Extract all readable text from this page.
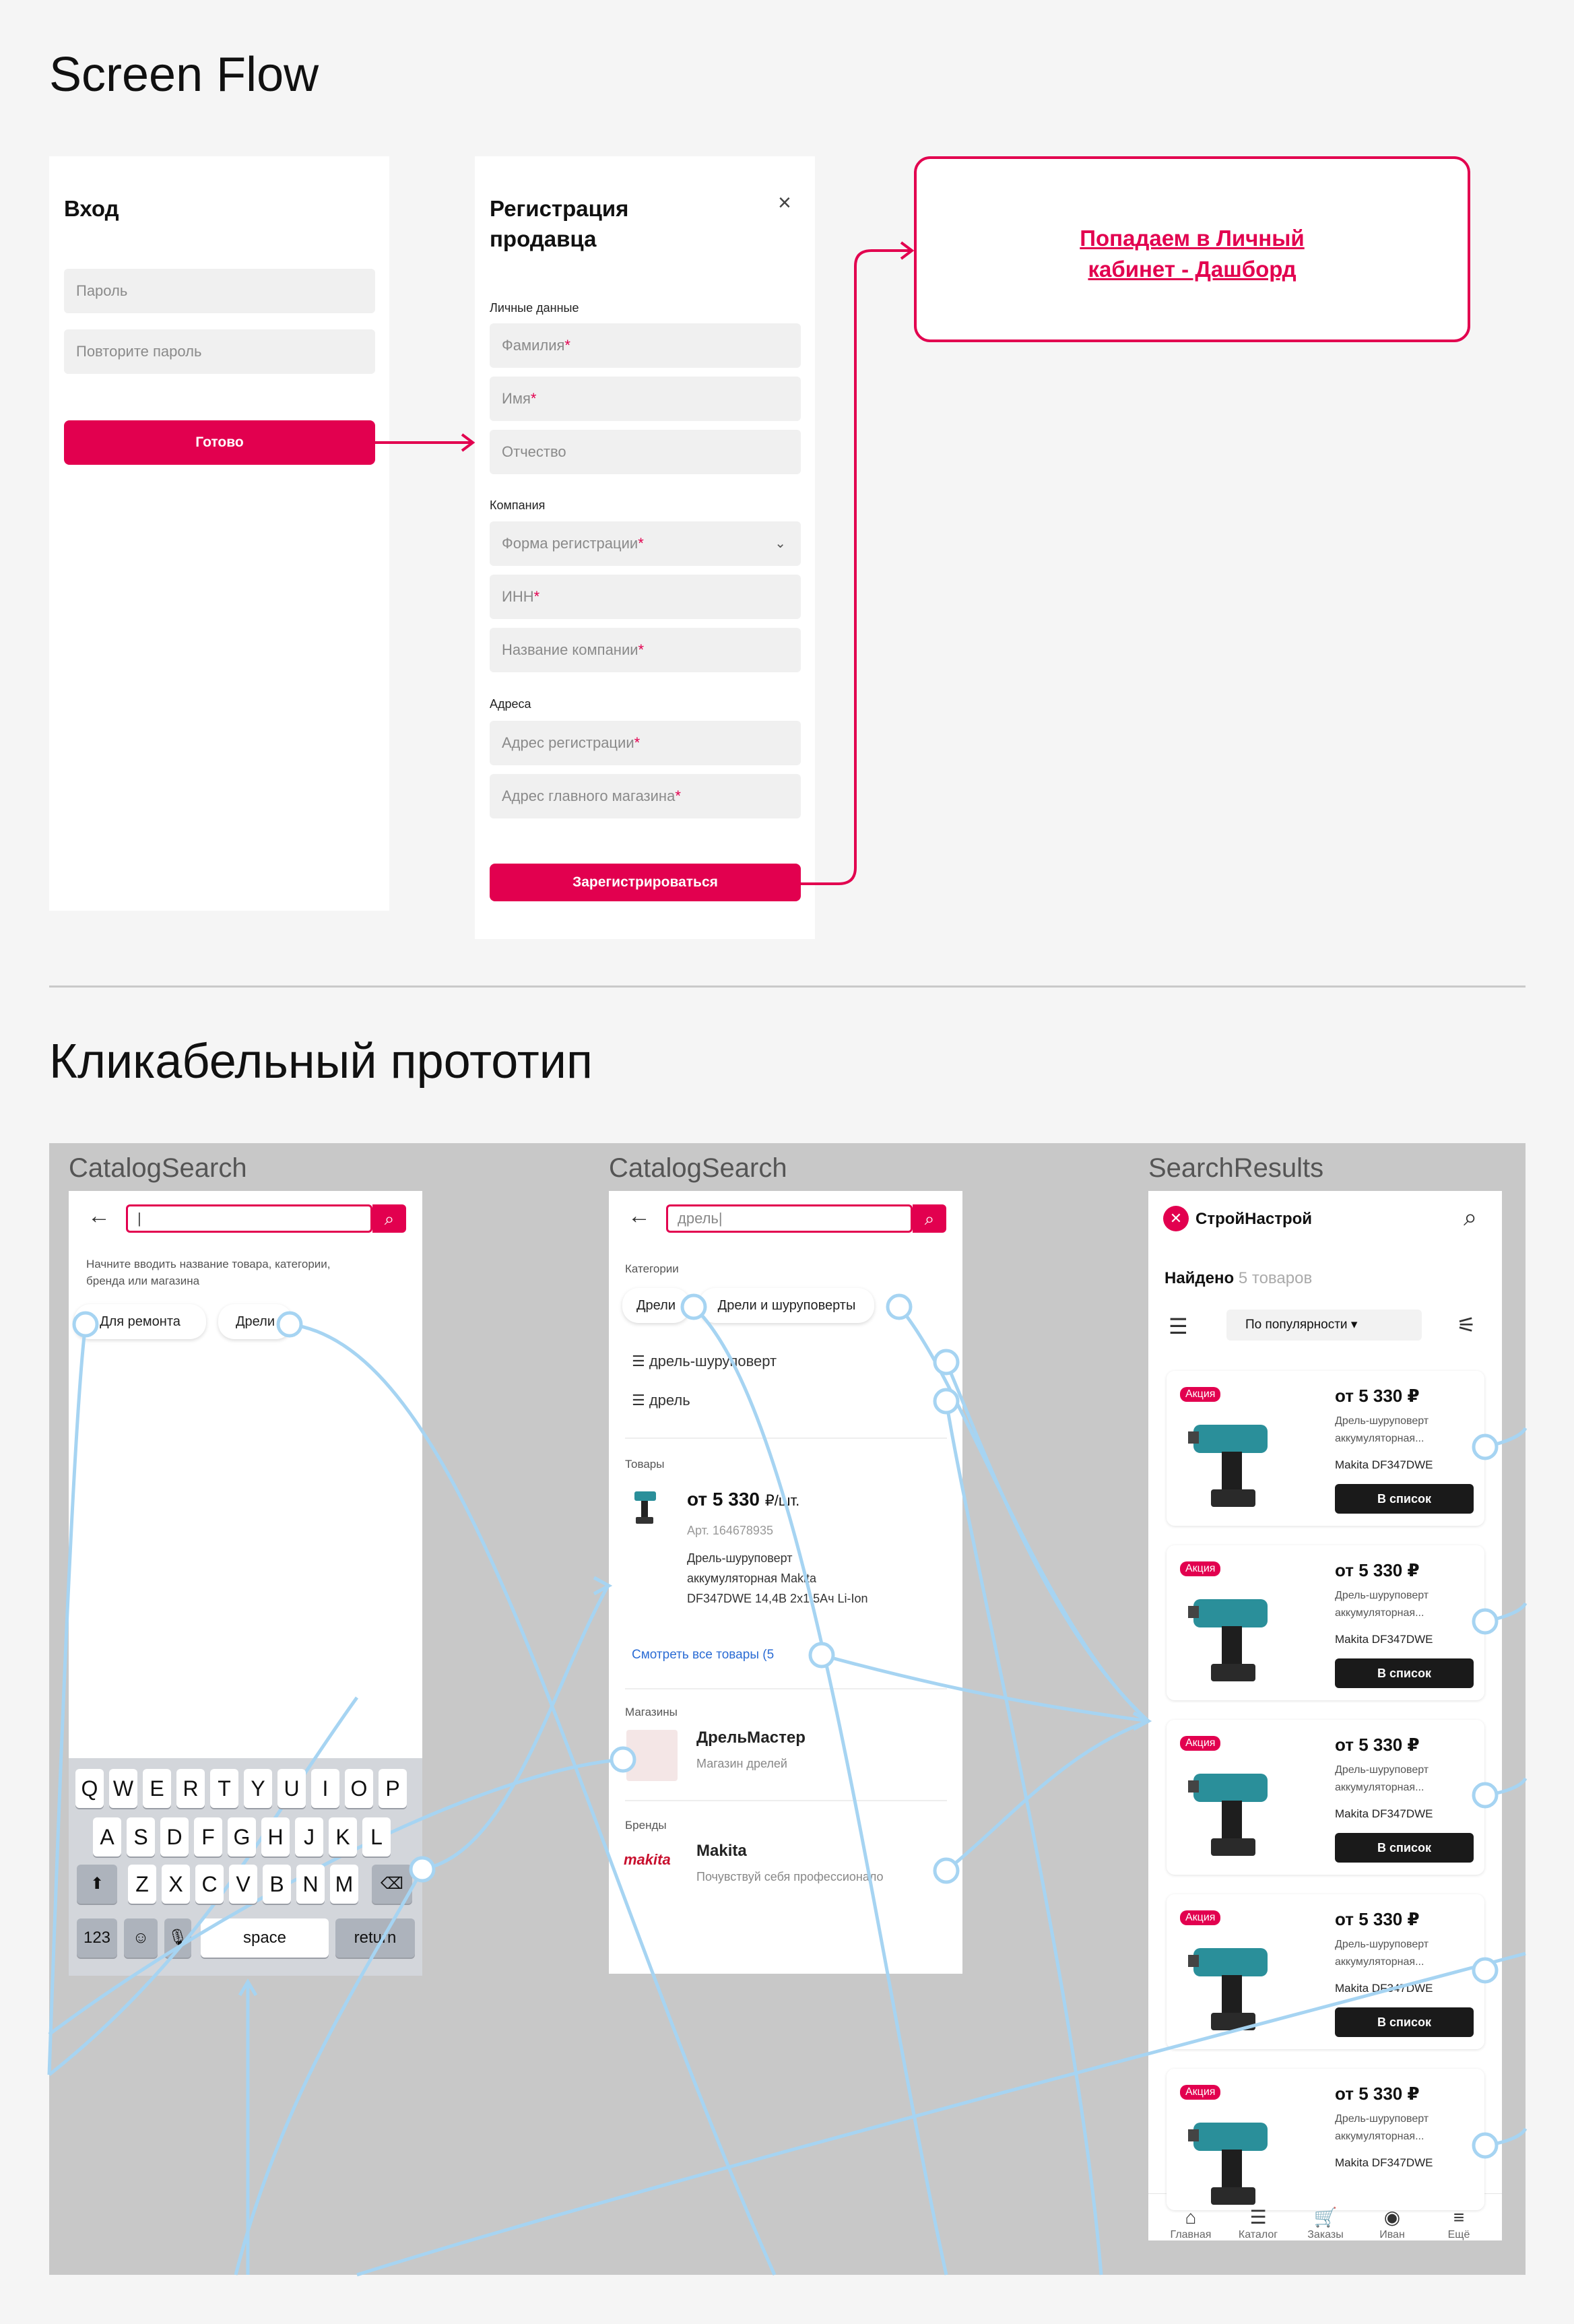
Screen Flow
Вход
Пароль
Повторите пароль
Готово
Регистрация
продавца
×
Личные данные
Фамилия*
Имя*
Отчество
Компания
Форма регистрации*	⌄
ИНН*
Название компании*
Адреса
Адрес регистрации*
Адрес главного магазина*
Зарегистрироваться
Попадаем в Личный
кабинет - Дашборд
Кликабельный прототип
CatalogSearch
←	|	⌕
Начните вводить название товара, категории,
бренда или магазина
Для ремонта	Дрели
⬆	⌫
123	☺	🎙	space	return
CatalogSearch
←	дрель|	⌕
Категории
Дрели	Дрели и шуруповерты
☰ дрель-шуруповерт
☰ дрель
Товары
от 5 330 ₽/шт.
Арт. 164678935
Дрель-шуруповерт
аккумуляторная Makita
DF347DWE 14,4В 2x1,5Ач Li-Ion
Смотреть все товары (5
Магазины
ДрельМастер
Магазин дрелей
Бренды
makita Makita
Почувствуй себя профессионало
SearchResults
✕ СтройНастрой	⌕
Найдено 5 товаров
☰	По популярности ▾	⚟
Акция	от 5 330 ₽
Дрель-шуруповерт
аккумуляторная...
Makita DF347DWE
В список
Акция	от 5 330 ₽
Дрель-шуруповерт
аккумуляторная...
Makita DF347DWE
В список
Акция	от 5 330 ₽
Дрель-шуруповерт
аккумуляторная...
Makita DF347DWE
В список
Акция	от 5 330 ₽
Дрель-шуруповерт
аккумуляторная...
Makita DF347DWE
В список
Акция	от 5 330 ₽
Дрель-шуруповерт
аккумуляторная...
Makita DF347DWE
⌂
Главная
☰
Каталог
🛒
Заказы
◉
Иван
≡
Ещё
Q W E R T Y U	I	O P
A S D F G H J K L
Z X C V B N M
